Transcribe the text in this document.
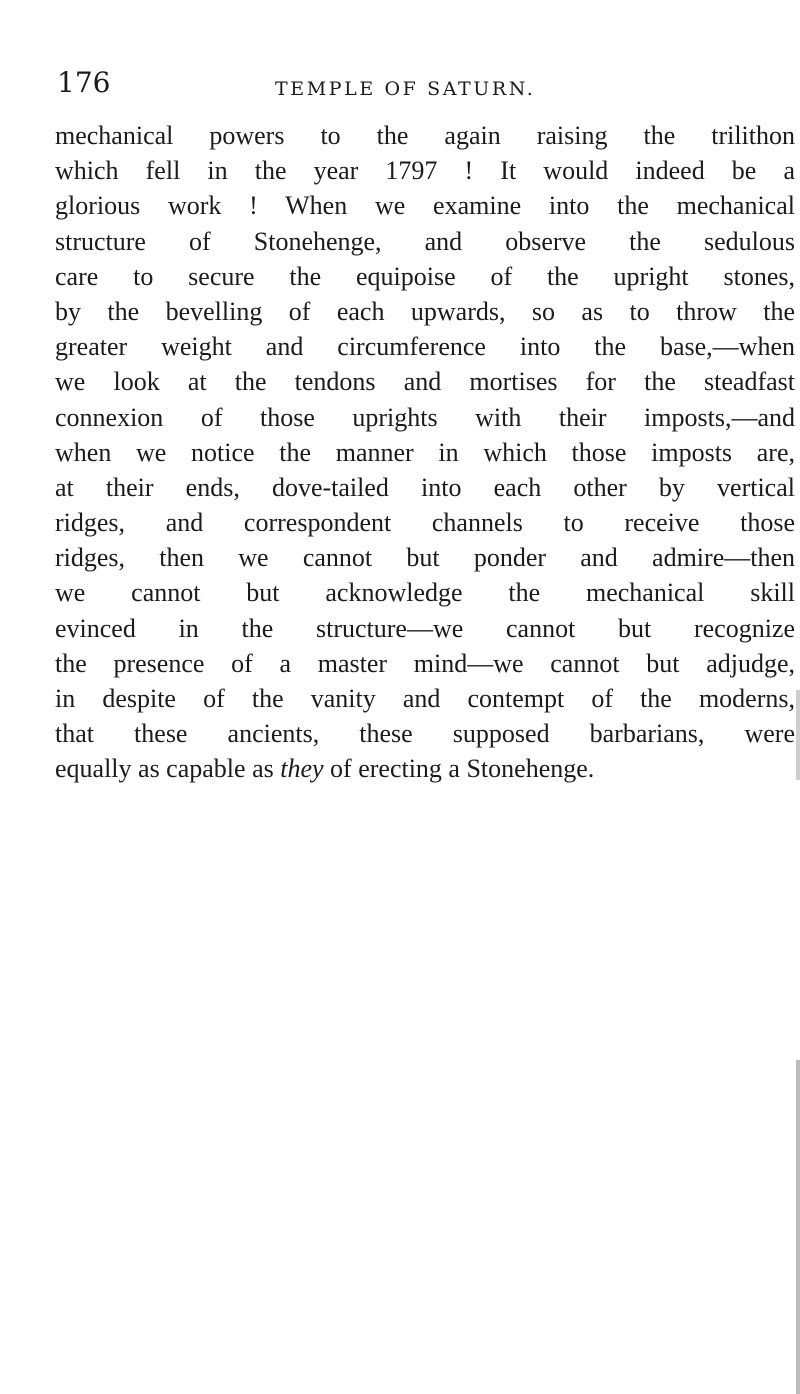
176	TEMPLE OF SATURN.
mechanical powers to the again raising the trilithon
which fell in the year 1797 ! It would indeed be a
glorious work ! When we examine into the mechanical
structure of Stonehenge, and observe the sedulous
care to secure the equipoise of the upright stones,
by the bevelling of each upwards, so as to throw the
greater weight and circumference into the base,—when
we look at the tendons and mortises for the steadfast
connexion of those uprights with their imposts,—and
when we notice the manner in which those imposts are,
at their ends, dove-tailed into each other by vertical
ridges, and correspondent channels to receive those
ridges, then we cannot but ponder and admire—then
we cannot but acknowledge the mechanical skill
evinced in the structure—we cannot but recognize
the presence of a master mind—we cannot but adjudge,
in despite of the vanity and contempt of the moderns,
that these ancients, these supposed barbarians, were
equally as capable as they of erecting a Stonehenge.
